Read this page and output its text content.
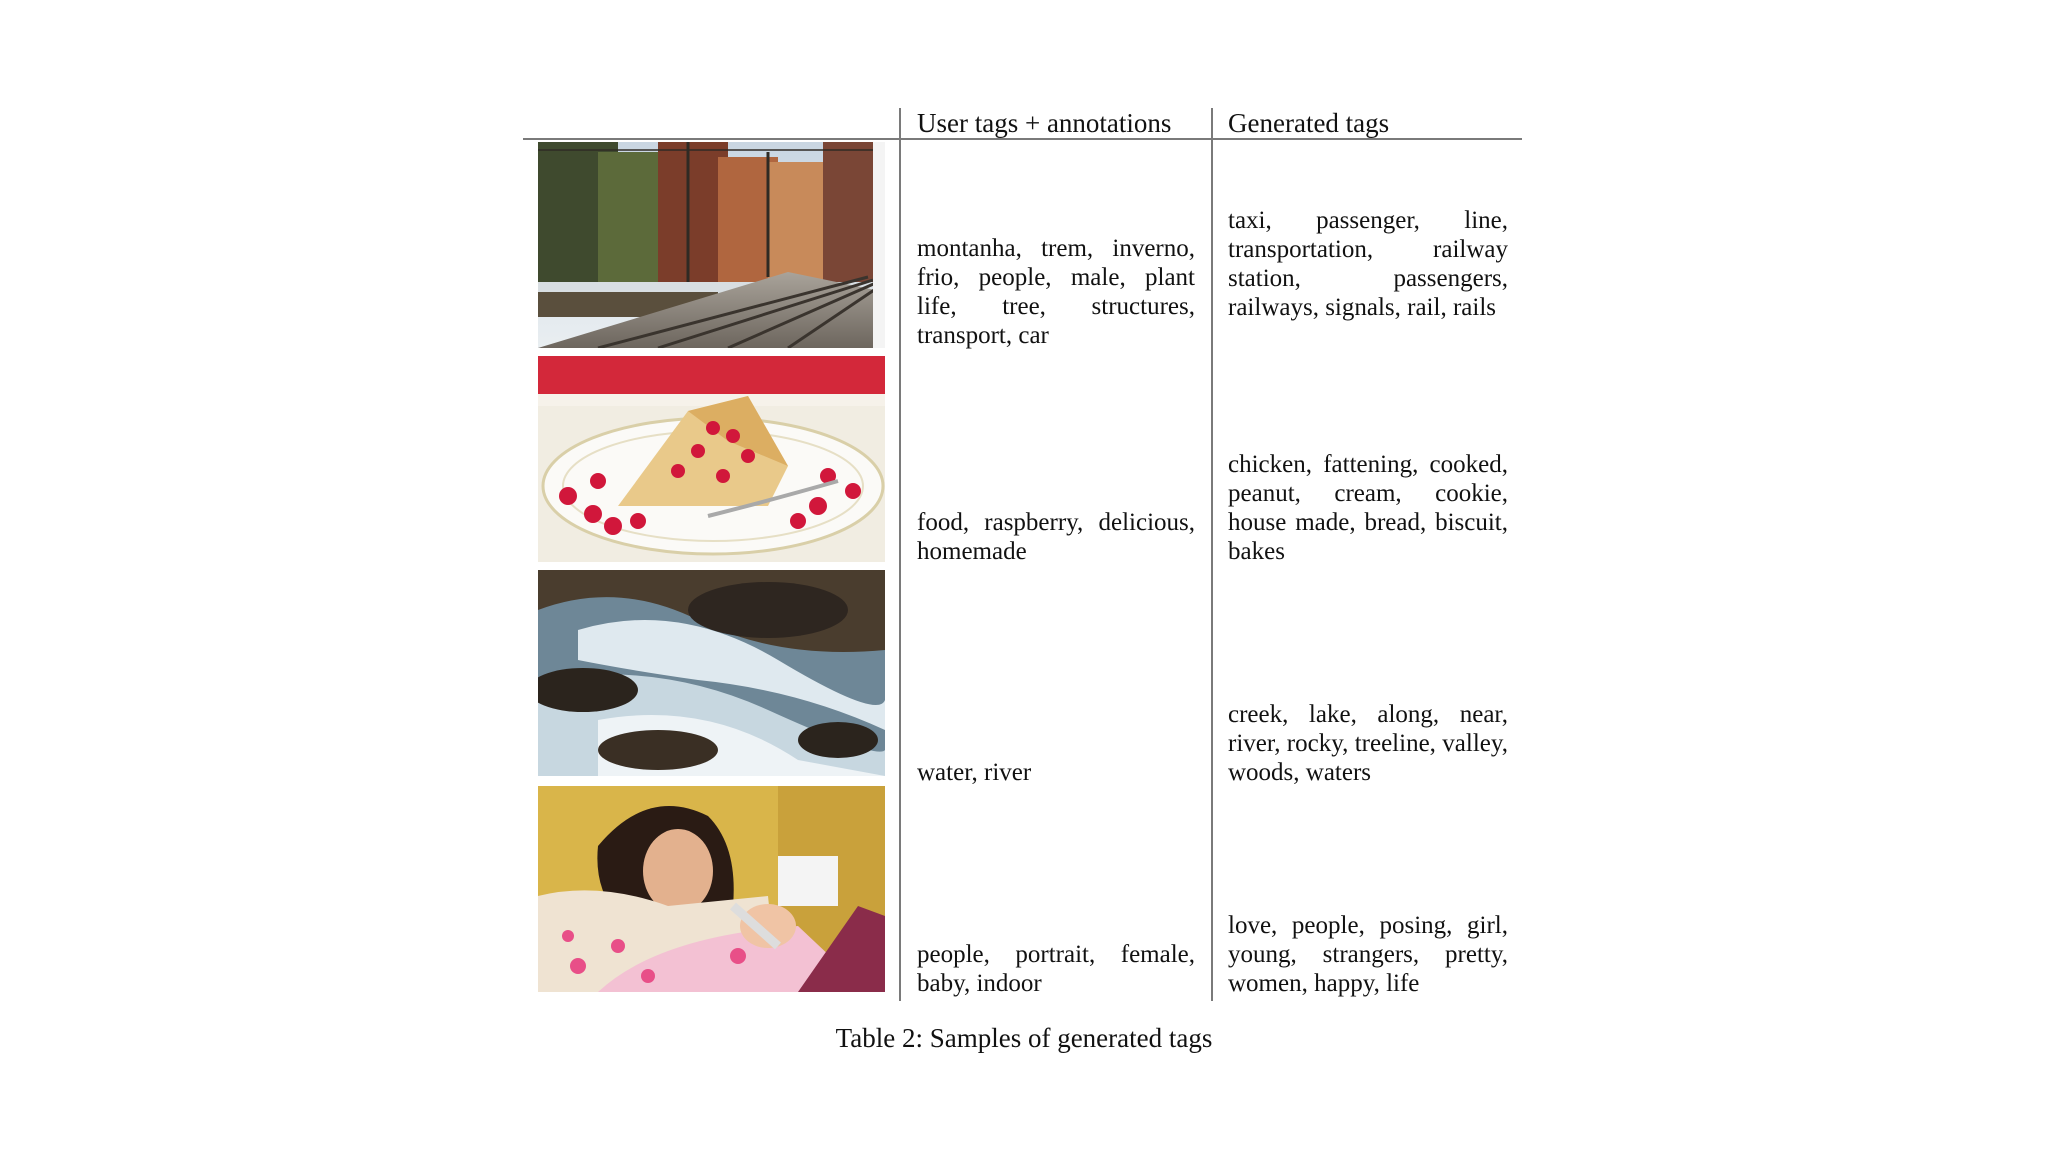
User tags + annotations Generated tags
montanha, trem, inverno, frio, people, male, plant life, tree, structures, transport, car
taxi, passenger, line, transportation, railway station, passengers, railways, signals, rail, rails
food, raspberry, delicious, homemade
chicken, fattening, cooked, peanut, cream, cookie, house made, bread, biscuit, bakes
water, river
creek, lake, along, near, river, rocky, treeline, valley, woods, waters
people, portrait, female, baby, indoor
love, people, posing, girl, young, strangers, pretty, women, happy, life
Table 2: Samples of generated tags
